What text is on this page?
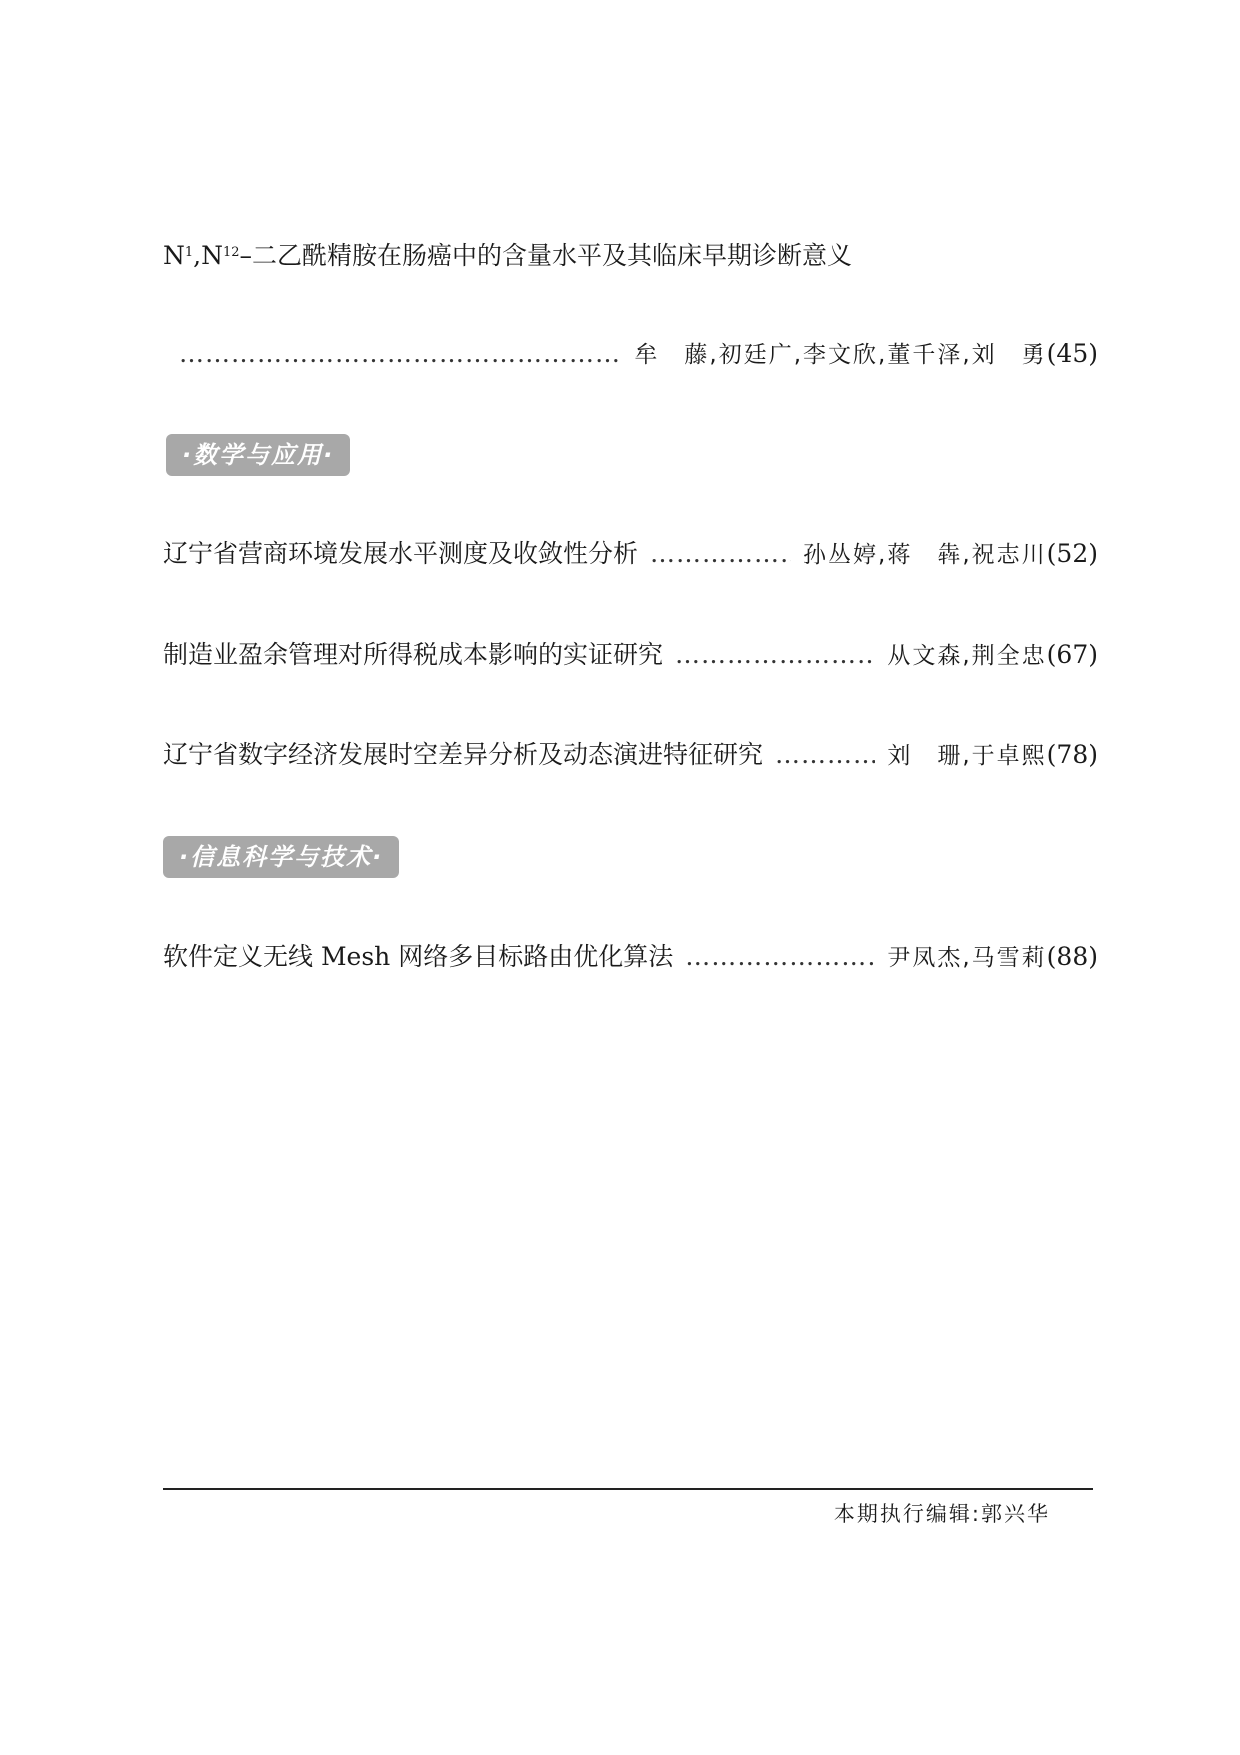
$N^1,N^{12}-$二乙酰精胺在肠癌中的含量水平及其临床早期诊断意义
…………………………………………………………………………………………………………………………………………
牟　藤,初廷广,李文欣,董千泽,刘　勇 (45)
·数学与应用·
辽宁省营商环境发展水平测度及收敛性分析 …………………………………………………………………………………………………………………………………………	孙丛婷,蒋　犇,祝志川 (52)
制造业盈余管理对所得税成本影响的实证研究 …………………………………………………………………………………………………………………………………………	从文森,荆全忠 (67)
辽宁省数字经济发展时空差异分析及动态演进特征研究 …………………………………………………………………………………………………………………………………………	刘　珊,于卓熙 (78)
·信息科学与技术·
软件定义无线 Mesh 网络多目标路由优化算法 …………………………………………………………………………………………………………………………………………	尹凤杰,马雪莉 (88)
本期执行编辑:郭兴华
